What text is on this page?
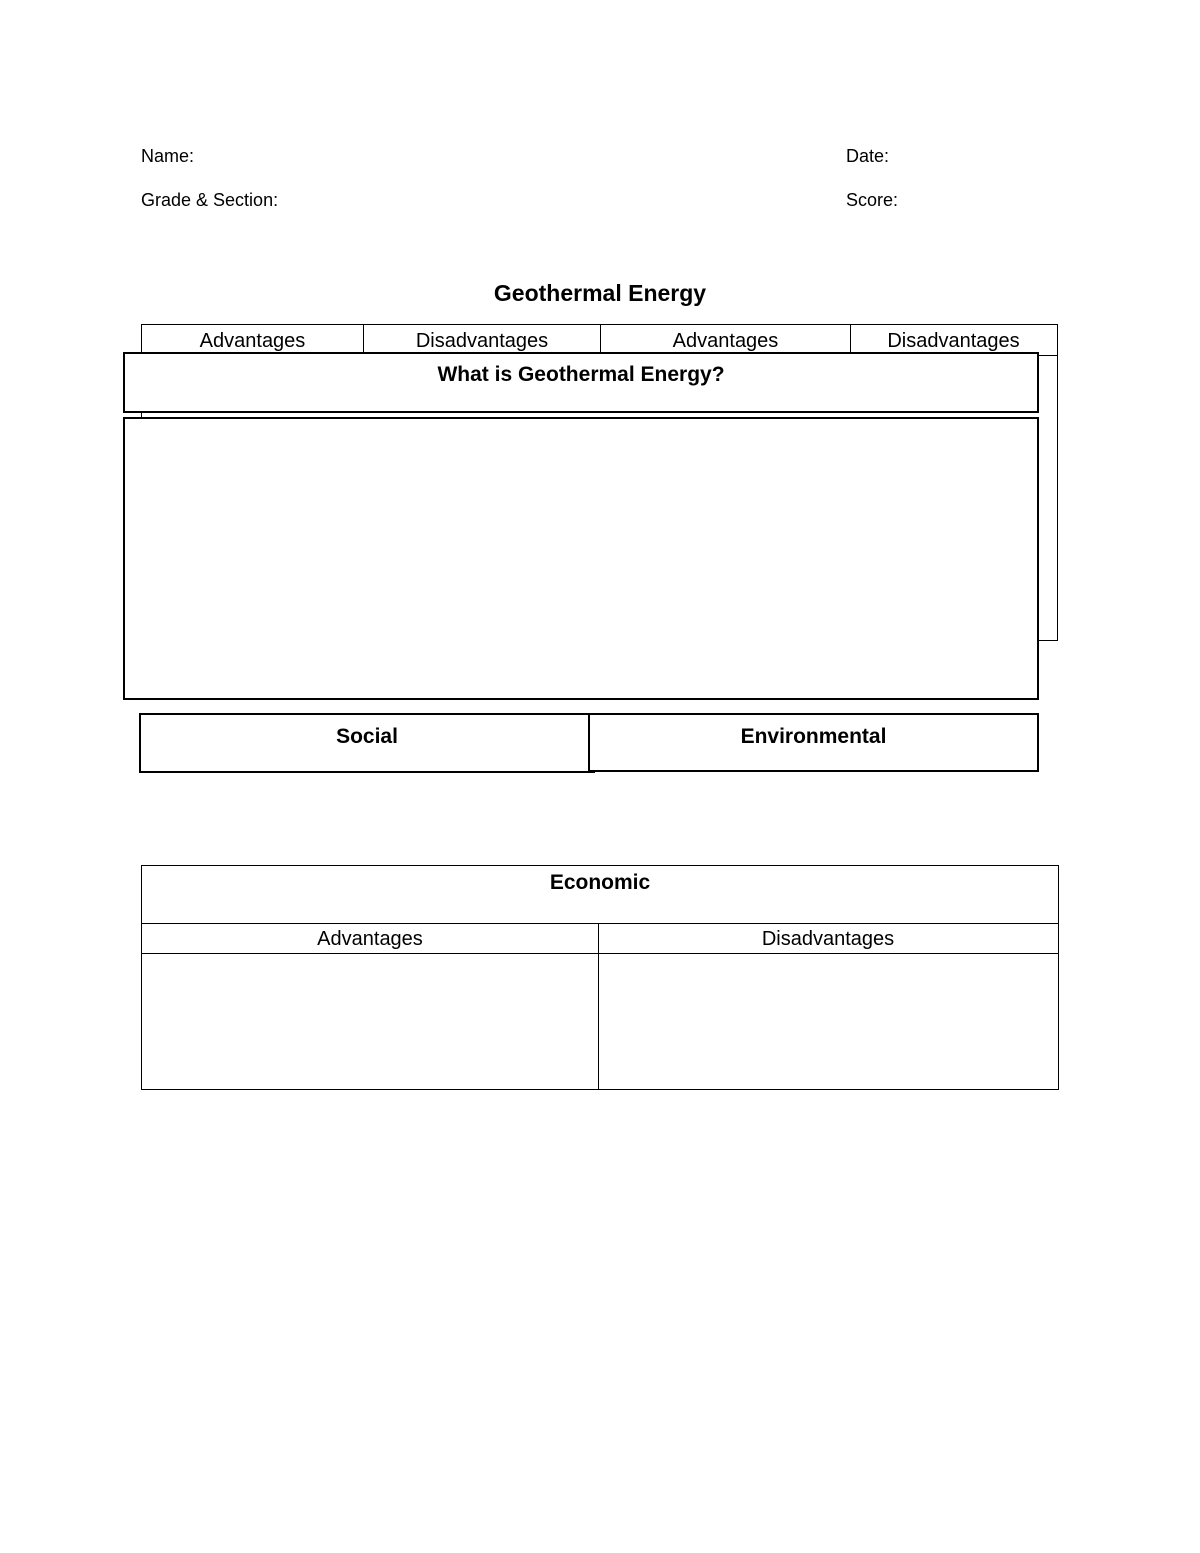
Name:	Date:
Grade & Section:	Score:
Geothermal Energy
Advantages	Disadvantages	Advantages	Disadvantages
What is Geothermal Energy?
Social	Environmental
Economic
Advantages	Disadvantages
